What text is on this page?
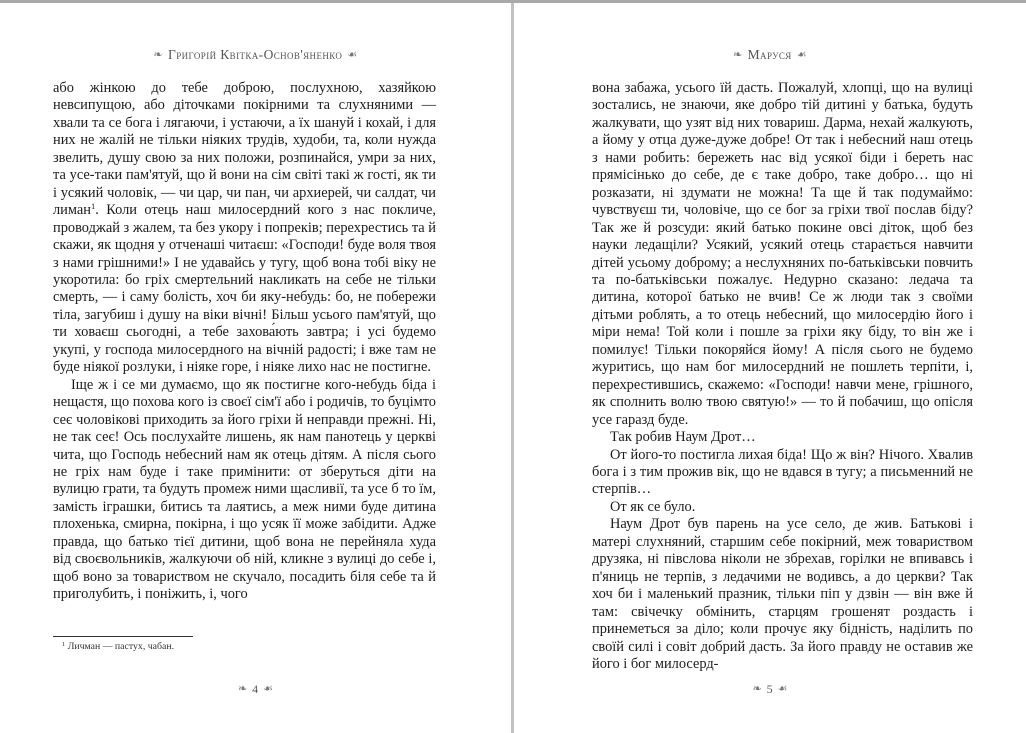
❧ Григорій Квітка-Основ'яненко ☙

або жінкою до тебе доброю, послухною, хазяйкою невсипущою, або діточками покірними та слухняними — хвали та се бога і лягаючи, і устаючи, а їх шануй і кохай, і для них не жалій не тільки ніяких трудів, худоби, та, коли нужда звелить, душу свою за них положи, розпинайся, умри за них, та усе-таки пам'ятуй, що й вони на сім світі такі ж гості, як ти і усякий чоловік, — чи цар, чи пан, чи архиерей, чи салдат, чи лиман$^1$. Коли отець наш милосердний кого з нас покличе, проводжай з жалем, та без укору і попреків; перехрестись та й скажи, як щодня у отченаші читаєш: «Господи! буде воля твоя з нами грішними!» І не удавайсь у тугу, щоб вона тобі віку не укоротила: бо гріх смертельний накликать на себе не тільки смерть, — і саму болість, хоч би яку-небудь: бо, не побережи тіла, загубиш і душу на віки вічні! Більш усього пам'ятуй, що ти ховаєш сьогодні, а тебе захова́ють завтра; і усі будемо укупі, у господа милосердного на вічній радості; і вже там не буде ніякої розлуки, і ніяке горе, і ніяке лихо нас не постигне.

Іще ж і се ми думаємо, що як постигне кого-небудь біда і нещастя, що похова кого із своєї сім'ї або і родичів, то буцімто сеє чоловікові приходить за його гріхи й неправди прежні. Ні, не так сеє! Ось послухайте лишень, як нам панотець у церкві чита, що Господь небесний нам як отець дітям. А після сього не гріх нам буде і таке примінити: от зберуться діти на вулицю грати, та будуть промеж ними щасливії, та усе б то їм, замість іграшки, битись та лаятись, а меж ними буде дитина плохенька, смирна, покірна, і що усяк її може забідити. Адже правда, що батько тієї дитини, щоб вона не перейняла худа від своєвольників, жалкуючи об ній, кликне з вулиці до себе і, щоб воно за товариством не скучало, посадить біля себе та й приголубить, і поніжить, і, чого

$^1$ Личман — пастух, чабан.
❧ 4 ☙
❧ Маруся ☙

вона забажа, усього їй дасть. Пожалуй, хлопці, що на вулиці зостались, не знаючи, яке добро тій дитині у батька, будуть жалкувати, що узят від них товариш. Дарма, нехай жалкують, а йому у отца дуже-дуже добре! От так і небесний наш отець з нами робить: бережеть нас від усякої біди і береть нас прямісінько до себе, де є таке добро, таке добро… що ні розказати, ні здумати не можна! Та ще й так подумаймо: чувствуєш ти, чоловіче, що се бог за гріхи твої послав біду? Так же й розсуди: який батько покине овсі діток, щоб без науки ледащіли? Усякий, усякий отець старається навчити дітей усьому доброму; а неслухняних по-батьківськи повчить та по-батьківськи пожалує. Недурно сказано: ледача та дитина, которої батько не вчив! Се ж люди так з своїми дітьми роблять, а то отець небесний, що милосердію його і міри нема! Той коли і пошле за гріхи яку біду, то він же і помилує! Тільки покоряйся йому! А після сього не будемо журитись, що нам бог милосердний не пошлеть терпіти, і, перехрестившись, скажемо: «Господи! навчи мене, грішного, як сполнить волю твою святую!» — то й побачиш, що опісля усе гаразд буде.

Так робив Наум Дрот…

От його-то постигла лихая біда! Що ж він? Нічого. Хвалив бога і з тим прожив вік, що не вдався в тугу; а письменний не стерпів…

От як се було.

Наум Дрот був парень на усе село, де жив. Батькові і матері слухняний, старшим себе покірний, меж товариством друзяка, ні півслова ніколи не збрехав, горілки не впивавсь і п'яниць не терпів, з ледачими не водивсь, а до церкви? Так хоч би і маленький празник, тільки піп у дзвін — він вже й там: свічечку обмінить, старцям грошенят роздасть і принеметься за діло; коли прочує яку бідність, наділить по своїй силі і совіт добрий дасть. За його правду не оставив же його і бог милосерд-

❧ 5 ☙
